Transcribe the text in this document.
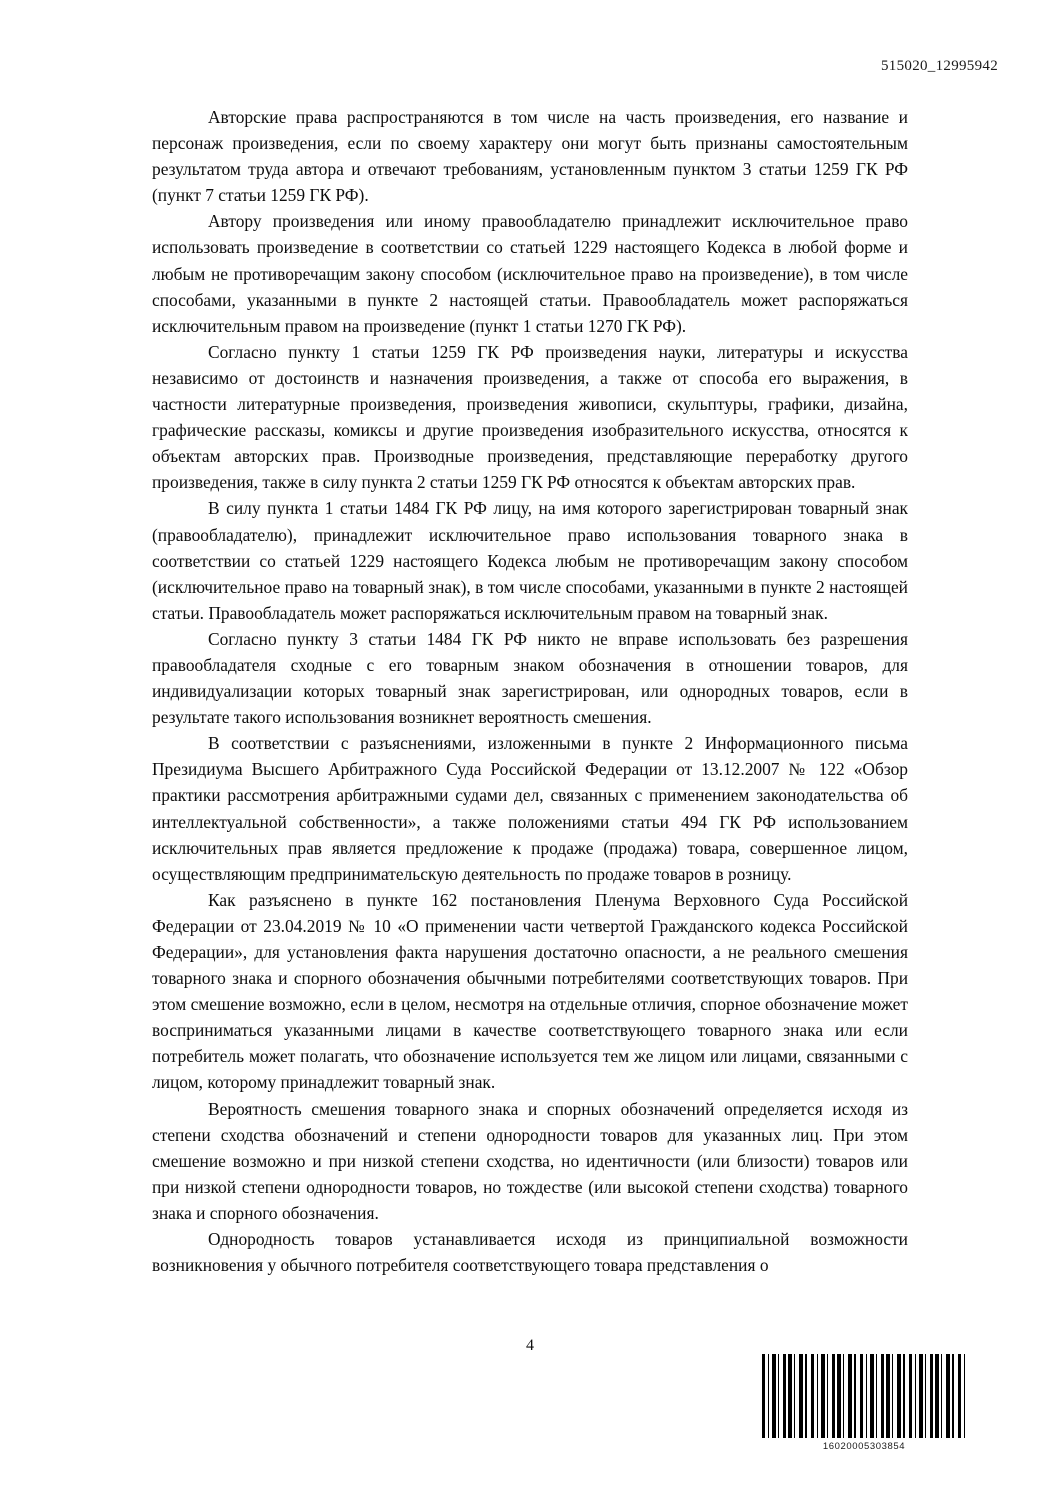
515020_12995942

Авторские права распространяются в том числе на часть произведения, его название и персонаж произведения, если по своему характеру они могут быть признаны самостоятельным результатом труда автора и отвечают требованиям, установленным пунктом 3 статьи 1259 ГК РФ (пункт 7 статьи 1259 ГК РФ).

Автору произведения или иному правообладателю принадлежит исключительное право использовать произведение в соответствии со статьей 1229 настоящего Кодекса в любой форме и любым не противоречащим закону способом (исключительное право на произведение), в том числе способами, указанными в пункте 2 настоящей статьи. Правообладатель может распоряжаться исключительным правом на произведение (пункт 1 статьи 1270 ГК РФ).

Согласно пункту 1 статьи 1259 ГК РФ произведения науки, литературы и искусства независимо от достоинств и назначения произведения, а также от способа его выражения, в частности литературные произведения, произведения живописи, скульптуры, графики, дизайна, графические рассказы, комиксы и другие произведения изобразительного искусства, относятся к объектам авторских прав. Производные произведения, представляющие переработку другого произведения, также в силу пункта 2 статьи 1259 ГК РФ относятся к объектам авторских прав.

В силу пункта 1 статьи 1484 ГК РФ лицу, на имя которого зарегистрирован товарный знак (правообладателю), принадлежит исключительное право использования товарного знака в соответствии со статьей 1229 настоящего Кодекса любым не противоречащим закону способом (исключительное право на товарный знак), в том числе способами, указанными в пункте 2 настоящей статьи. Правообладатель может распоряжаться исключительным правом на товарный знак.

Согласно пункту 3 статьи 1484 ГК РФ никто не вправе использовать без разрешения правообладателя сходные с его товарным знаком обозначения в отношении товаров, для индивидуализации которых товарный знак зарегистрирован, или однородных товаров, если в результате такого использования возникнет вероятность смешения.

В соответствии с разъяснениями, изложенными в пункте 2 Информационного письма Президиума Высшего Арбитражного Суда Российской Федерации от 13.12.2007 № 122 «Обзор практики рассмотрения арбитражными судами дел, связанных с применением законодательства об интеллектуальной собственности», а также положениями статьи 494 ГК РФ использованием исключительных прав является предложение к продаже (продажа) товара, совершенное лицом, осуществляющим предпринимательскую деятельность по продаже товаров в розницу.

Как разъяснено в пункте 162 постановления Пленума Верховного Суда Российской Федерации от 23.04.2019 № 10 «О применении части четвертой Гражданского кодекса Российской Федерации», для установления факта нарушения достаточно опасности, а не реального смешения товарного знака и спорного обозначения обычными потребителями соответствующих товаров. При этом смешение возможно, если в целом, несмотря на отдельные отличия, спорное обозначение может восприниматься указанными лицами в качестве соответствующего товарного знака или если потребитель может полагать, что обозначение используется тем же лицом или лицами, связанными с лицом, которому принадлежит товарный знак.

Вероятность смешения товарного знака и спорных обозначений определяется исходя из степени сходства обозначений и степени однородности товаров для указанных лиц. При этом смешение возможно и при низкой степени сходства, но идентичности (или близости) товаров или при низкой степени однородности товаров, но тождестве (или высокой степени сходства) товарного знака и спорного обозначения.

Однородность товаров устанавливается исходя из принципиальной возможности возникновения у обычного потребителя соответствующего товара представления о

4
16020005303854
